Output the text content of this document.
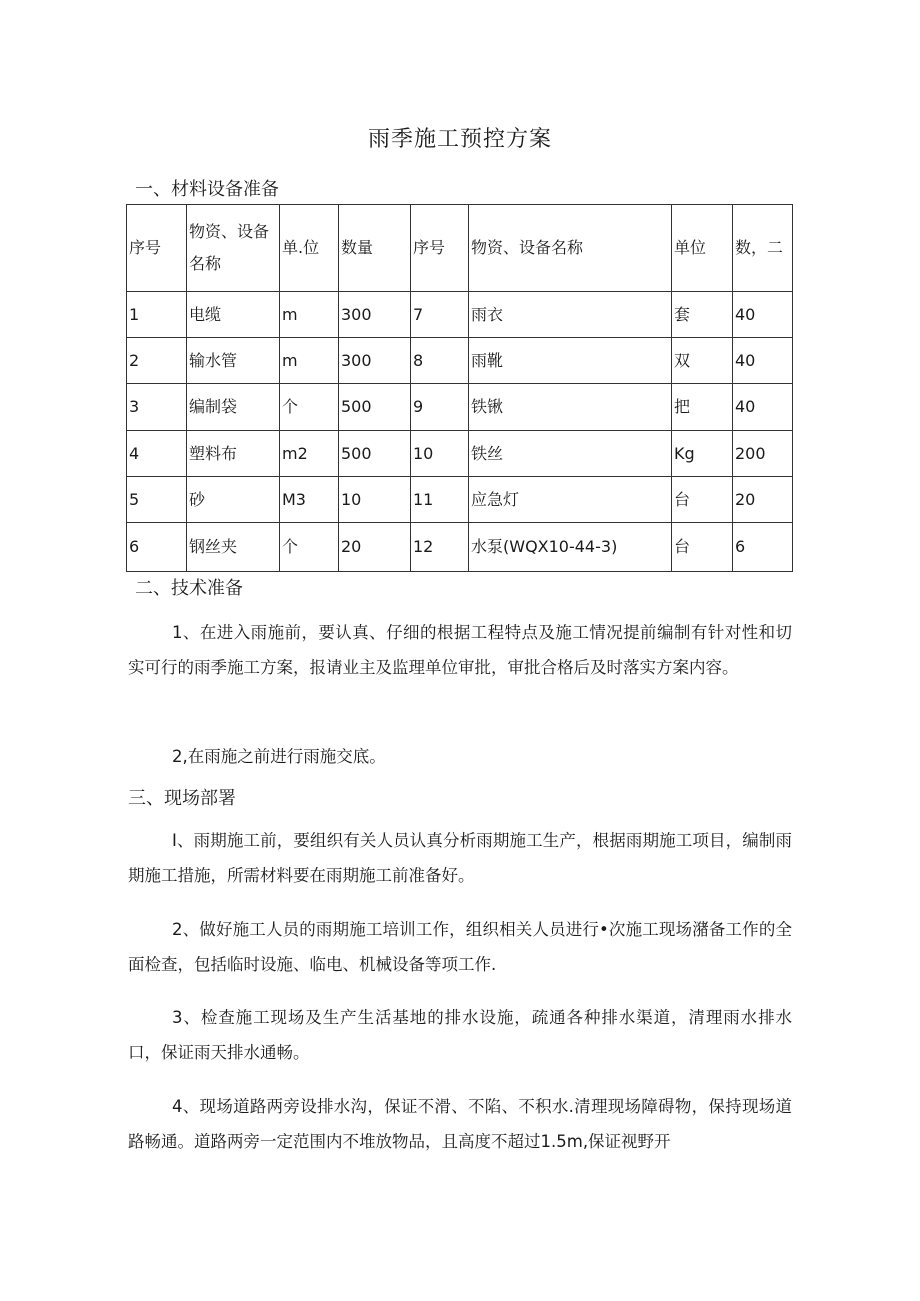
雨季施工预控方案
一、材料设备准备
序号	物资、设备名称	单.位	数量	序号	物资、设备名称	单位	数，二
1	电缆	m	300	7	雨衣	套	40
2	输水管	m	300	8	雨靴	双	40
3	编制袋	个	500	9	铁锹	把	40
4	塑料布	m2	500	10	铁丝	Kg	200
5	砂	M3	10	11	应急灯	台	20
6	钢丝夹	个	20	12	水泵(WQX10-44-3)	台	6
二、技术准备

1、在进入雨施前，要认真、仔细的根据工程特点及施工情况提前编制有针对性和切实可行的雨季施工方案，报请业主及监理单位审批，审批合格后及时落实方案内容。

2,在雨施之前进行雨施交底。

三、现场部署

I、雨期施工前，要组织有关人员认真分析雨期施工生产，根据雨期施工项目，编制雨期施工措施，所需材料要在雨期施工前准备好。

2、做好施工人员的雨期施工培训工作，组织相关人员进行•次施工现场潴备工作的全面检查，包括临时设施、临电、机械设备等项工作.

3、检查施工现场及生产生活基地的排水设施，疏通各种排水渠道，清理雨水排水口，保证雨天排水通畅。

4、现场道路两旁设排水沟，保证不滑、不陷、不积水.清理现场障碍物，保持现场道路畅通。道路两旁一定范围内不堆放物品，且高度不超过1.5m,保证视野开
